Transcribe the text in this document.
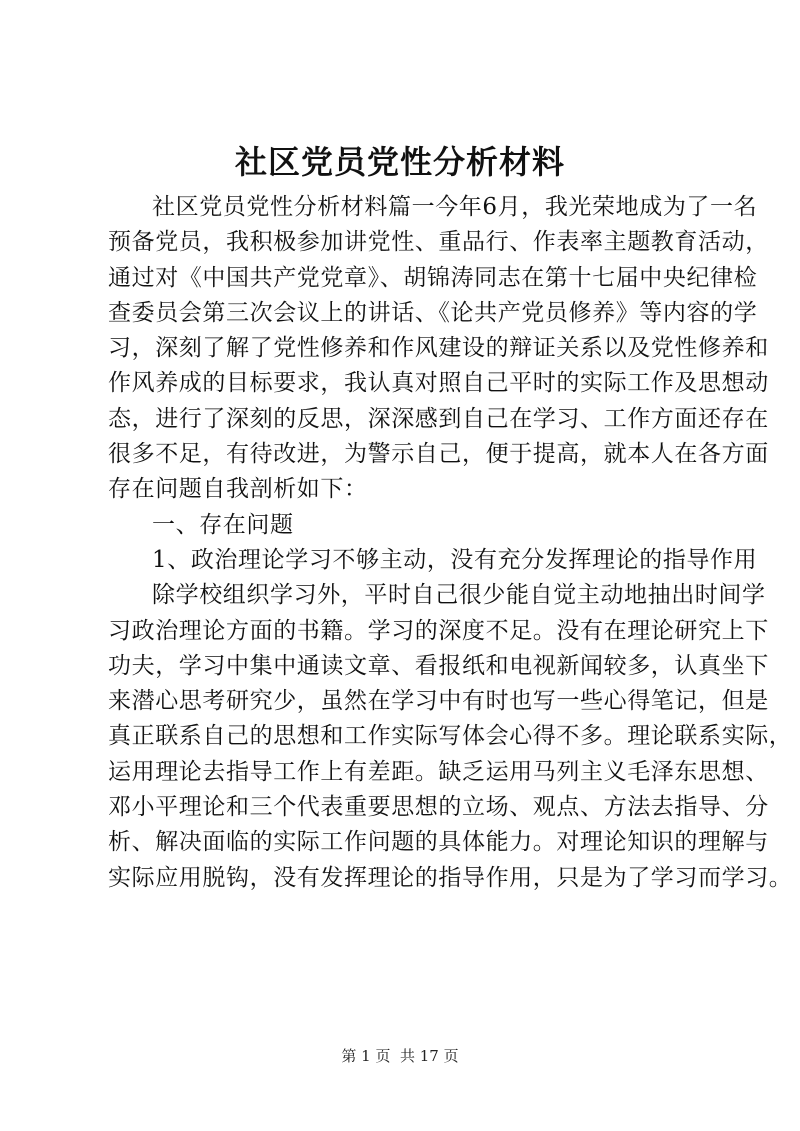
社区党员党性分析材料
社区党员党性分析材料篇一今年6月，我光荣地成为了一名
预备党员，我积极参加讲党性、重品行、作表率主题教育活动，
通过对《中国共产党党章》、胡锦涛同志在第十七届中央纪律检
查委员会第三次会议上的讲话、《论共产党员修养》等内容的学
习，深刻了解了党性修养和作风建设的辩证关系以及党性修养和
作风养成的目标要求，我认真对照自己平时的实际工作及思想动
态，进行了深刻的反思，深深感到自己在学习、工作方面还存在
很多不足，有待改进，为警示自己，便于提高，就本人在各方面
存在问题自我剖析如下：
一、存在问题
1、政治理论学习不够主动，没有充分发挥理论的指导作用
除学校组织学习外，平时自己很少能自觉主动地抽出时间学
习政治理论方面的书籍。学习的深度不足。没有在理论研究上下
功夫，学习中集中通读文章、看报纸和电视新闻较多，认真坐下
来潜心思考研究少，虽然在学习中有时也写一些心得笔记，但是
真正联系自己的思想和工作实际写体会心得不多。理论联系实际，
运用理论去指导工作上有差距。缺乏运用马列主义毛泽东思想、
邓小平理论和三个代表重要思想的立场、观点、方法去指导、分
析、解决面临的实际工作问题的具体能力。对理论知识的理解与
实际应用脱钩，没有发挥理论的指导作用，只是为了学习而学习。
第 1 页  共 17 页
